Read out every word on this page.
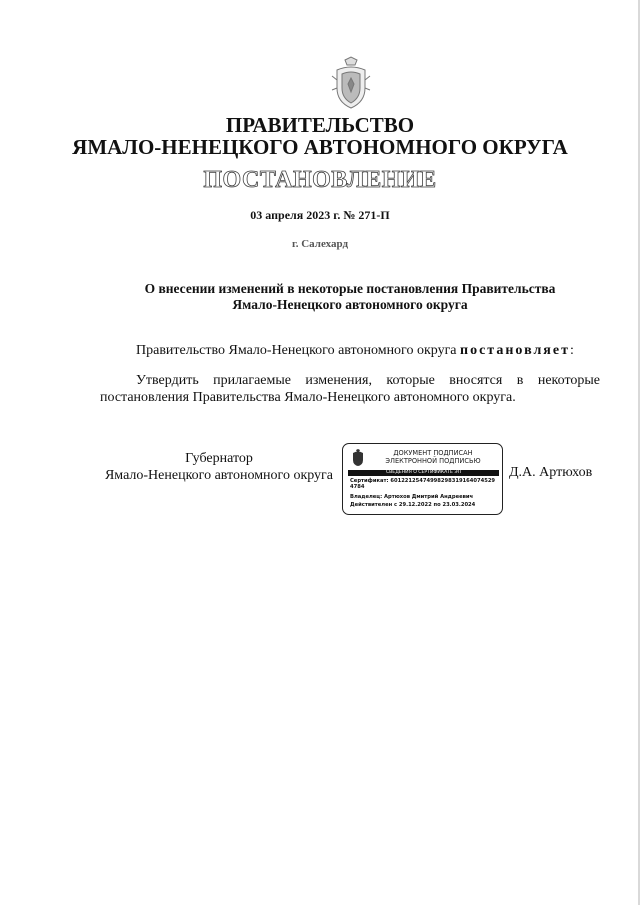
ПРАВИТЕЛЬСТВО
ЯМАЛО-НЕНЕЦКОГО АВТОНОМНОГО ОКРУГА
ПОСТАНОВЛЕНИЕ
03 апреля 2023 г. № 271-П
г. Салехард
О внесении изменений в некоторые постановления Правительства
Ямало-Ненецкого автономного округа
Правительство Ямало-Ненецкого автономного округа постановляет:
Утвердить прилагаемые изменения, которые вносятся в некоторые постановления Правительства Ямало-Ненецкого автономного округа.
Губернатор
Ямало-Ненецкого автономного округа
ДОКУМЕНТ ПОДПИСАН
ЭЛЕКТРОННОЙ ПОДПИСЬЮ
СВЕДЕНИЯ О СЕРТИФИКАТЕ ЭП
Сертификат: 60122125474998298319164074529
4784
Владелец: Артюхов Дмитрий Андреевич
Действителен с 29.12.2022 по 23.03.2024
Д.А. Артюхов
